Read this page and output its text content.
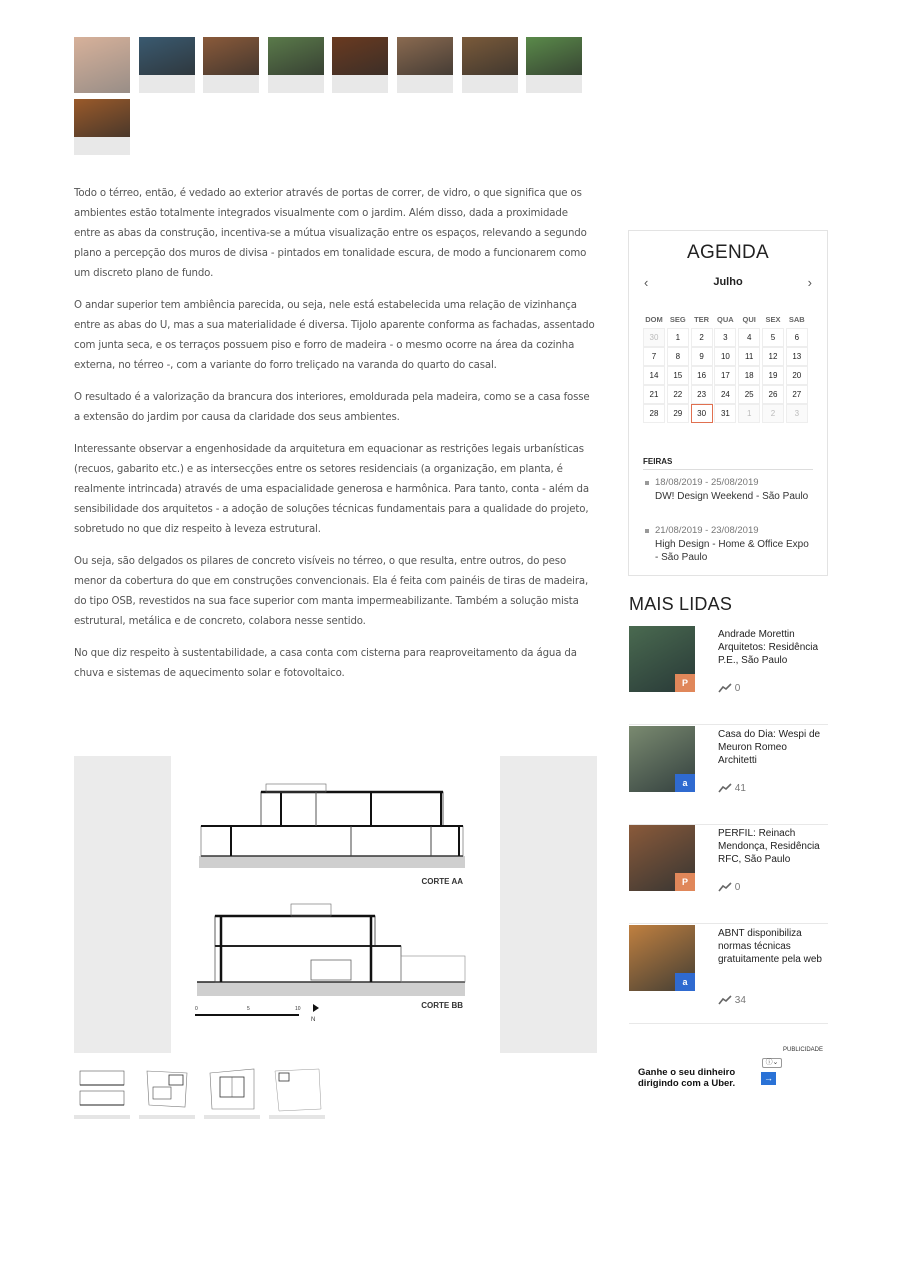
Todo o térreo, então, é vedado ao exterior através de portas de correr, de vidro, o que significa que os ambientes estão totalmente integrados visualmente com o jardim. Além disso, dada a proximidade entre as abas da construção, incentiva-se a mútua visualização entre os espaços, relevando a segundo plano a percepção dos muros de divisa - pintados em tonalidade escura, de modo a funcionarem como um discreto plano de fundo.

O andar superior tem ambiência parecida, ou seja, nele está estabelecida uma relação de vizinhança entre as abas do U, mas a sua materialidade é diversa. Tijolo aparente conforma as fachadas, assentado com junta seca, e os terraços possuem piso e forro de madeira - o mesmo ocorre na área da cozinha externa, no térreo -, com a variante do forro treliçado na varanda do quarto do casal.

O resultado é a valorização da brancura dos interiores, emoldurada pela madeira, como se a casa fosse a extensão do jardim por causa da claridade dos seus ambientes.

Interessante observar a engenhosidade da arquitetura em equacionar as restrições legais urbanísticas (recuos, gabarito etc.) e as intersecções entre os setores residenciais (a organização, em planta, é realmente intrincada) através de uma espacialidade generosa e harmônica. Para tanto, conta - além da sensibilidade dos arquitetos - a adoção de soluções técnicas fundamentais para a qualidade do projeto, sobretudo no que diz respeito à leveza estrutural.

Ou seja, são delgados os pilares de concreto visíveis no térreo, o que resulta, entre outros, do peso menor da cobertura do que em construções convencionais. Ela é feita com painéis de tiras de madeira, do tipo OSB, revestidos na sua face superior com manta impermeabilizante. Também a solução mista estrutural, metálica e de concreto, colabora nesse sentido.

No que diz respeito à sustentabilidade, a casa conta com cisterna para reaproveitamento da água da chuva e sistemas de aquecimento solar e fotovoltaico.

CORTE AA
CORTE BB
0	5	10
N
AGENDA
‹	Julho	›
DOM SEG	TER	QUA	QUI	SEX	SAB
30	1	2	3	4	5	6
7	8	9	10	11	12	13
14	15	16	17	18	19	20
21	22	23	24	25	26	27
28	29	30	31	1	2	3
FEIRAS
18/08/2019 - 25/08/2019
DW! Design Weekend - São Paulo
21/08/2019 - 23/08/2019
High Design - Home & Office Expo - São Paulo
MAIS LIDAS
P
Andrade Morettin Arquitetos: Residência P.E., São Paulo
0
a
Casa do Dia: Wespi de Meuron Romeo Architetti
41
P
PERFIL: Reinach Mendonça, Residência RFC, São Paulo
0
a
ABNT disponibiliza normas técnicas gratuitamente pela web
34
PUBLICIDADE
ⓘ⌄
Ganhe o seu dinheiro
dirigindo com a Uber.	→
